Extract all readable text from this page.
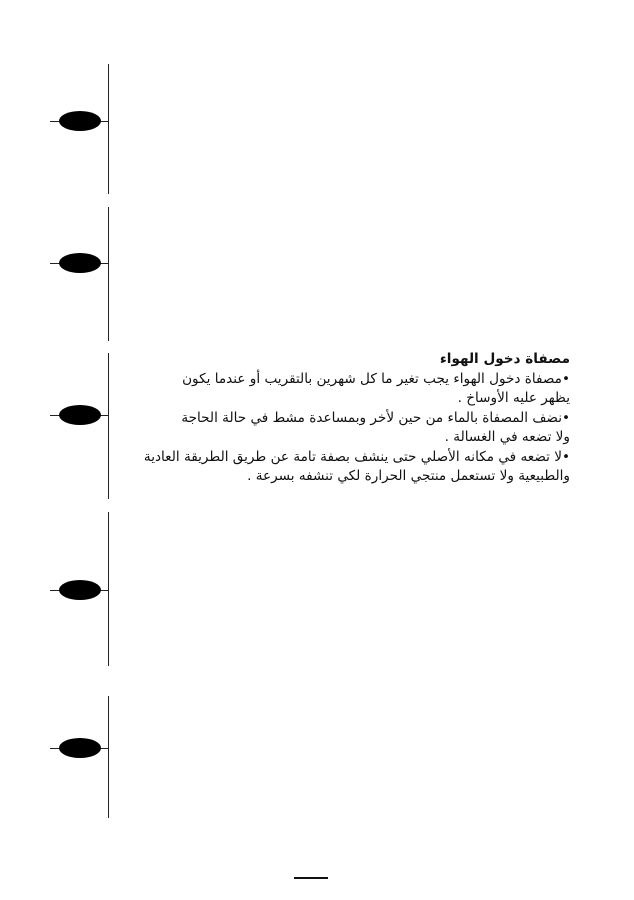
مصفاة دخول الهواء

•مصفاة دخول الهواء يجب تغير ما كل شهرين بالتقريب أو عندما يكون

يظهر عليه الأوساخ .

•نضف المصفاة بالماء من حين لأخر وبمساعدة مشط في حالة الحاجة

ولا تضعه في الغسالة .

•لا تضعه في مكانه الأصلي حتى ينشف بصفة تامة عن طريق الطريقة العادية

والطبيعية ولا تستعمل منتجي الحرارة لكي تنشفه بسرعة .
